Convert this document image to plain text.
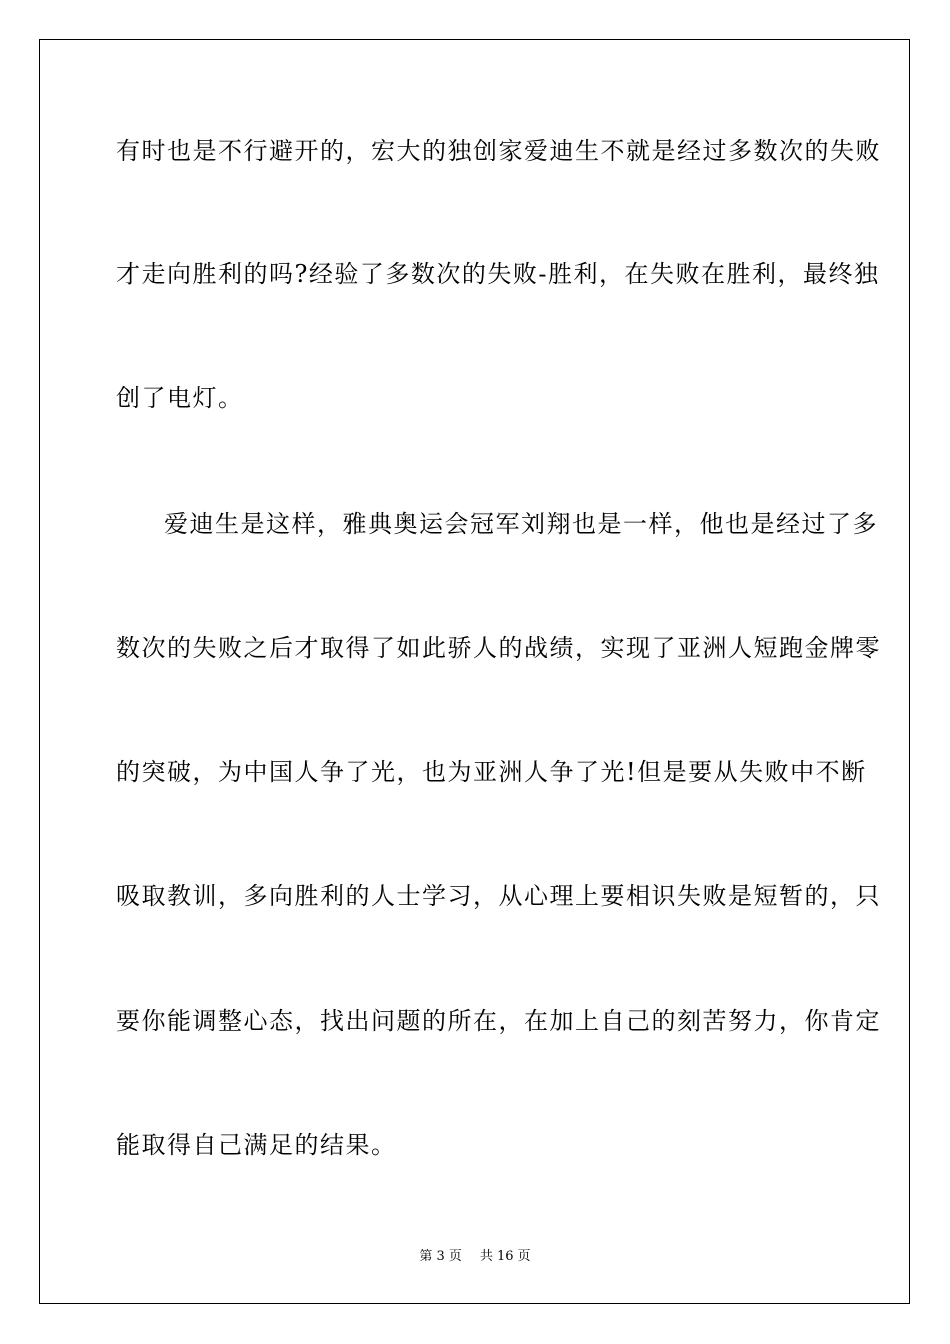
有时也是不行避开的，宏大的独创家爱迪生不就是经过多数次的失败
才走向胜利的吗?经验了多数次的失败-胜利，在失败在胜利，最终独
创了电灯。
爱迪生是这样，雅典奥运会冠军刘翔也是一样，他也是经过了多
数次的失败之后才取得了如此骄人的战绩，实现了亚洲人短跑金牌零
的突破，为中国人争了光，也为亚洲人争了光!但是要从失败中不断
吸取教训，多向胜利的人士学习，从心理上要相识失败是短暂的，只
要你能调整心态，找出问题的所在，在加上自己的刻苦努力，你肯定
能取得自己满足的结果。
第 3 页 共 16 页
